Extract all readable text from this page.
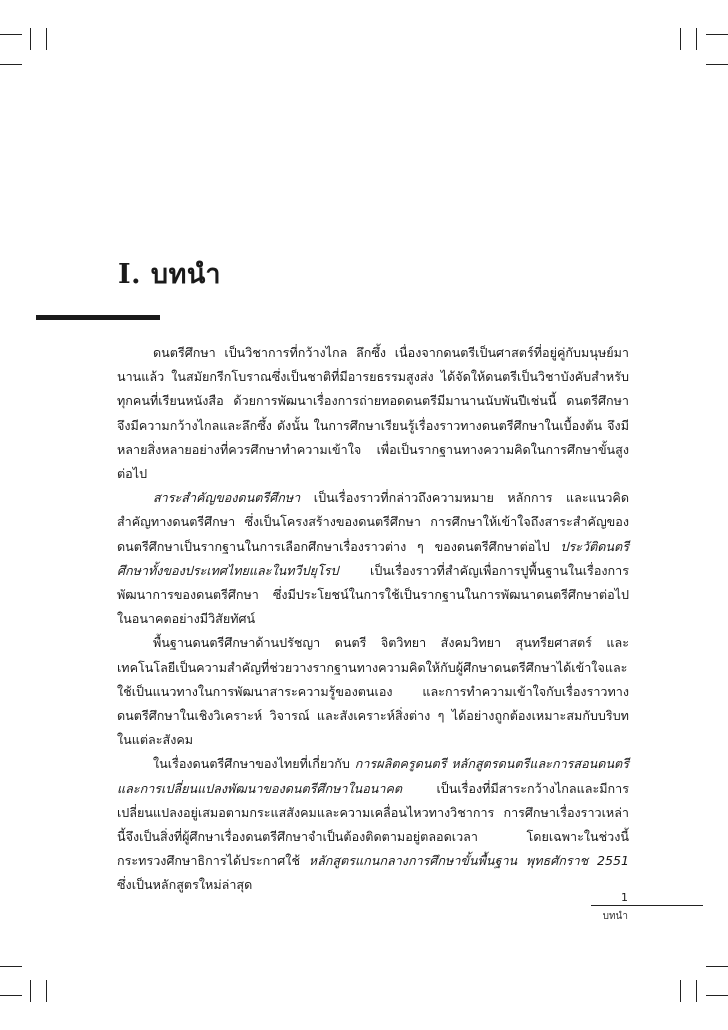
I. บทนำ

ดนตรีศึกษา เป็นวิชาการที่กว้างไกล ลึกซึ้ง เนื่องจากดนตรีเป็นศาสตร์ที่อยู่คู่กับมนุษย์มานานแล้ว ในสมัยกรีกโบราณซึ่งเป็นชาติที่มีอารยธรรมสูงส่ง ได้จัดให้ดนตรีเป็นวิชาบังคับสำหรับทุกคนที่เรียนหนังสือ ด้วยการพัฒนาเรื่องการถ่ายทอดดนตรีมีมานานนับพันปีเช่นนี้ ดนตรีศึกษาจึงมีความกว้างไกลและลึกซึ้ง ดังนั้น ในการศึกษาเรียนรู้เรื่องราวทางดนตรีศึกษาในเบื้องต้น จึงมีหลายสิ่งหลายอย่างที่ควรศึกษาทำความเข้าใจ เพื่อเป็นรากฐานทางความคิดในการศึกษาขั้นสูงต่อไป

สาระสำคัญของดนตรีศึกษา เป็นเรื่องราวที่กล่าวถึงความหมาย หลักการ และแนวคิดสำคัญทางดนตรีศึกษา ซึ่งเป็นโครงสร้างของดนตรีศึกษา การศึกษาให้เข้าใจถึงสาระสำคัญของดนตรีศึกษาเป็นรากฐานในการเลือกศึกษาเรื่องราวต่าง ๆ ของดนตรีศึกษาต่อไป ประวัติดนตรีศึกษาทั้งของประเทศไทยและในทวีปยุโรป เป็นเรื่องราวที่สำคัญเพื่อการปูพื้นฐานในเรื่องการพัฒนาการของดนตรีศึกษา ซึ่งมีประโยชน์ในการใช้เป็นรากฐานในการพัฒนาดนตรีศึกษาต่อไปในอนาคตอย่างมีวิสัยทัศน์

พื้นฐานดนตรีศึกษาด้านปรัชญา ดนตรี จิตวิทยา สังคมวิทยา สุนทรียศาสตร์ และเทคโนโลยีเป็นความสำคัญที่ช่วยวางรากฐานทางความคิดให้กับผู้ศึกษาดนตรีศึกษาได้เข้าใจและใช้เป็นแนวทางในการพัฒนาสาระความรู้ของตนเอง และการทำความเข้าใจกับเรื่องราวทางดนตรีศึกษาในเชิงวิเคราะห์ วิจารณ์ และสังเคราะห์สิ่งต่าง ๆ ได้อย่างถูกต้องเหมาะสมกับบริบทในแต่ละสังคม

ในเรื่องดนตรีศึกษาของไทยที่เกี่ยวกับ การผลิตครูดนตรี หลักสูตรดนตรีและการสอนดนตรีและการเปลี่ยนแปลงพัฒนาของดนตรีศึกษาในอนาคต เป็นเรื่องที่มีสาระกว้างไกลและมีการเปลี่ยนแปลงอยู่เสมอตามกระแสสังคมและความเคลื่อนไหวทางวิชาการ การศึกษาเรื่องราวเหล่านี้จึงเป็นสิ่งที่ผู้ศึกษาเรื่องดนตรีศึกษาจำเป็นต้องติดตามอยู่ตลอดเวลา โดยเฉพาะในช่วงนี้กระทรวงศึกษาธิการได้ประกาศใช้ หลักสูตรแกนกลางการศึกษาขั้นพื้นฐาน พุทธศักราช 2551 ซึ่งเป็นหลักสูตรใหม่ล่าสุด

1
บทนำ
